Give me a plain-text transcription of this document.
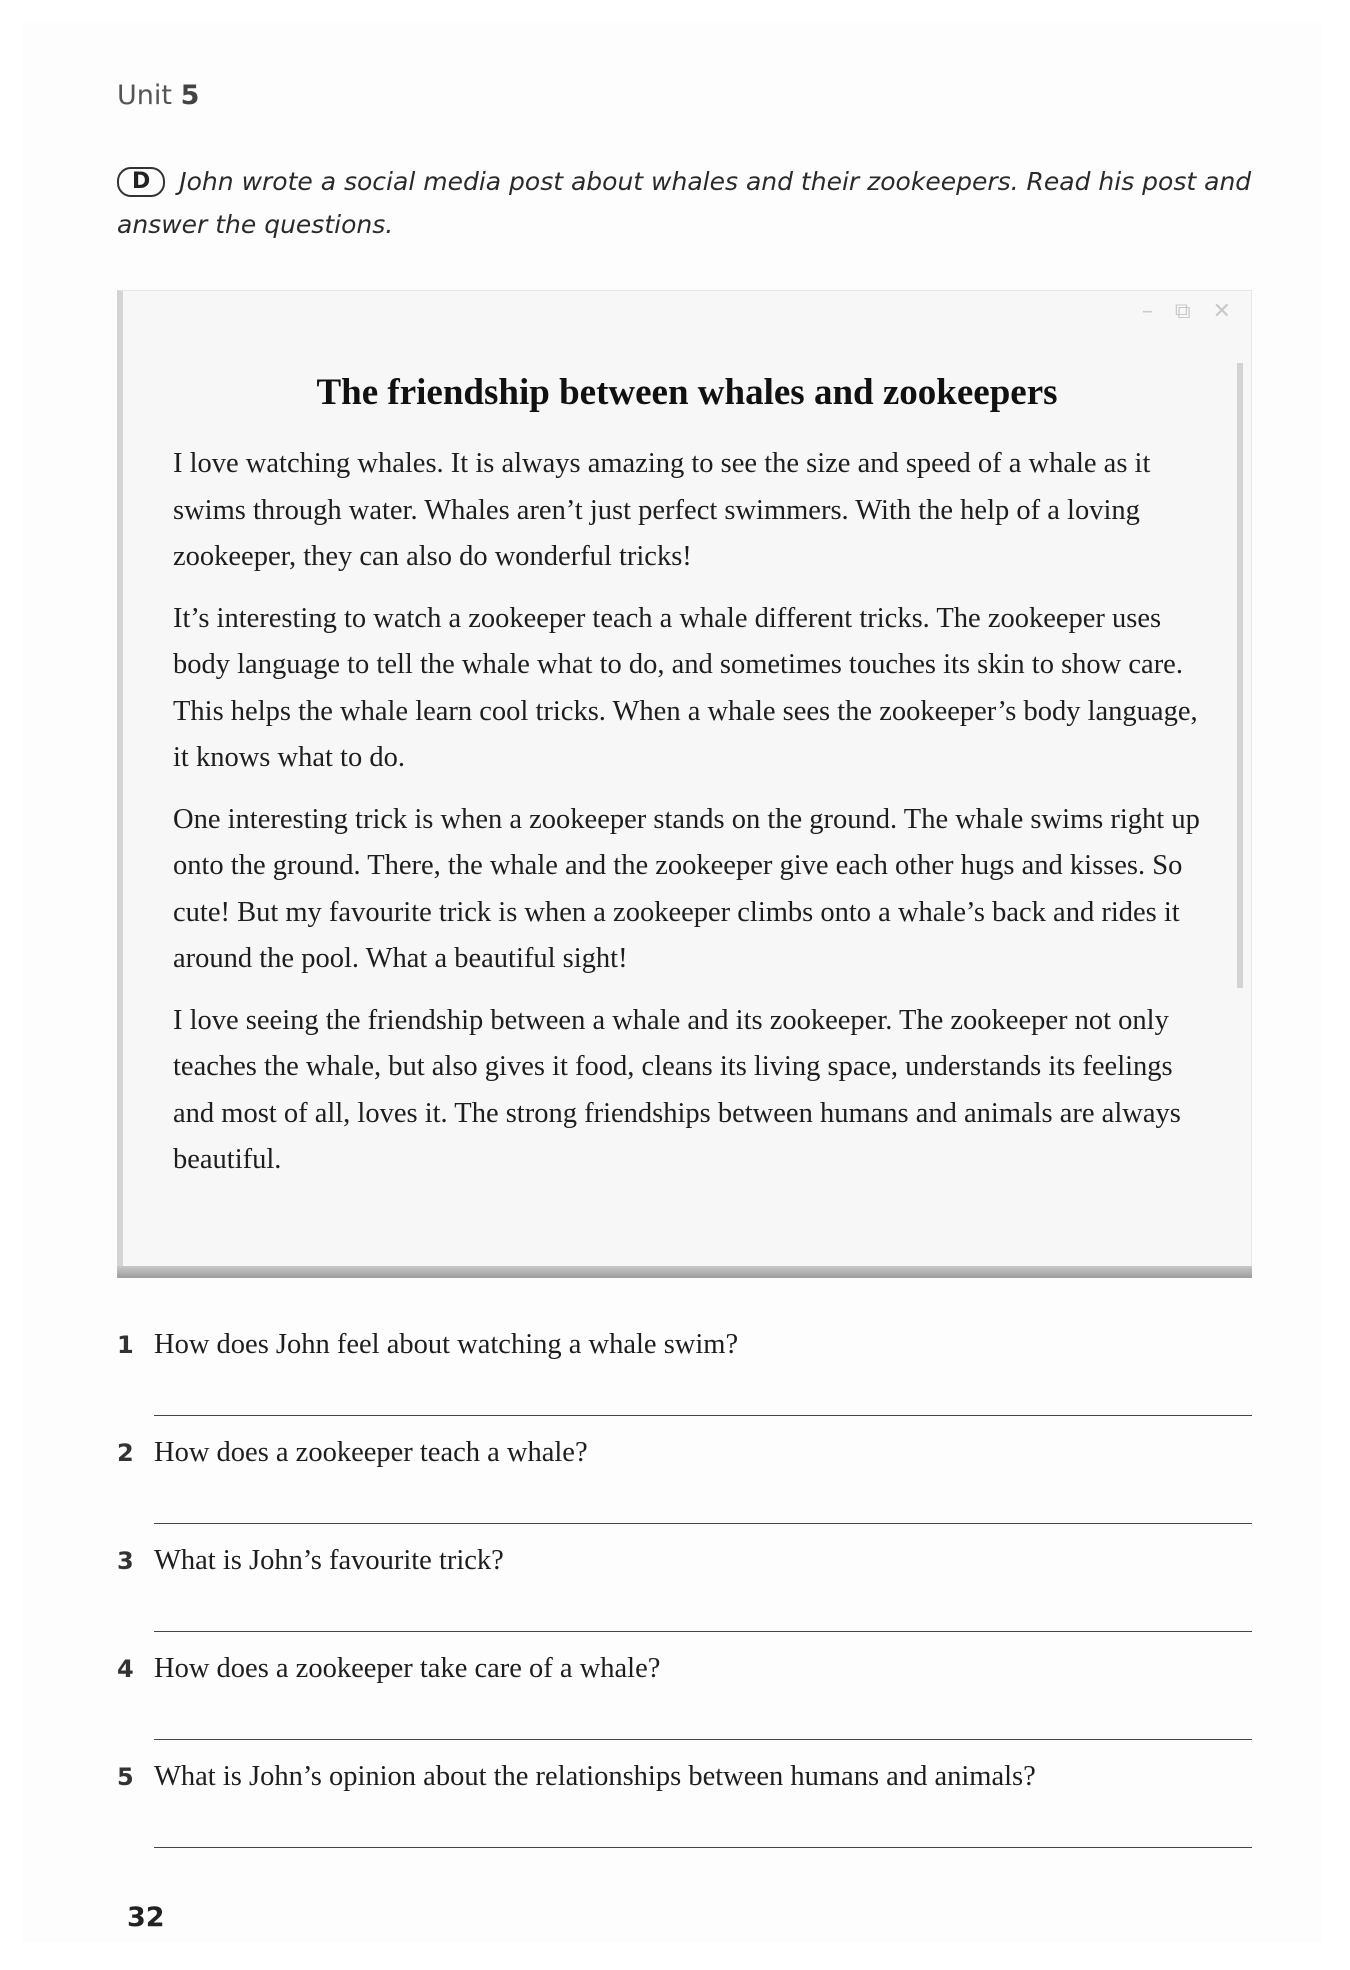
Unit 5
D John wrote a social media post about whales and their zookeepers. Read his post and answer the questions.
– ⧉ ✕
The friendship between whales and zookeepers

I love watching whales. It is always amazing to see the size and speed of a whale as it swims through water. Whales aren’t just perfect swimmers. With the help of a loving zookeeper, they can also do wonderful tricks!

It’s interesting to watch a zookeeper teach a whale different tricks. The zookeeper uses body language to tell the whale what to do, and sometimes touches its skin to show care. This helps the whale learn cool tricks. When a whale sees the zookeeper’s body language, it knows what to do.

One interesting trick is when a zookeeper stands on the ground. The whale swims right up onto the ground. There, the whale and the zookeeper give each other hugs and kisses. So cute! But my favourite trick is when a zookeeper climbs onto a whale’s back and rides it around the pool. What a beautiful sight!

I love seeing the friendship between a whale and its zookeeper. The zookeeper not only teaches the whale, but also gives it food, cleans its living space, understands its feelings and most of all, loves it. The strong friendships between humans and animals are always beautiful.

1 How does John feel about watching a whale swim?
2 How does a zookeeper teach a whale?
3 What is John’s favourite trick?
4 How does a zookeeper take care of a whale?
5 What is John’s opinion about the relationships between humans and animals?
32
